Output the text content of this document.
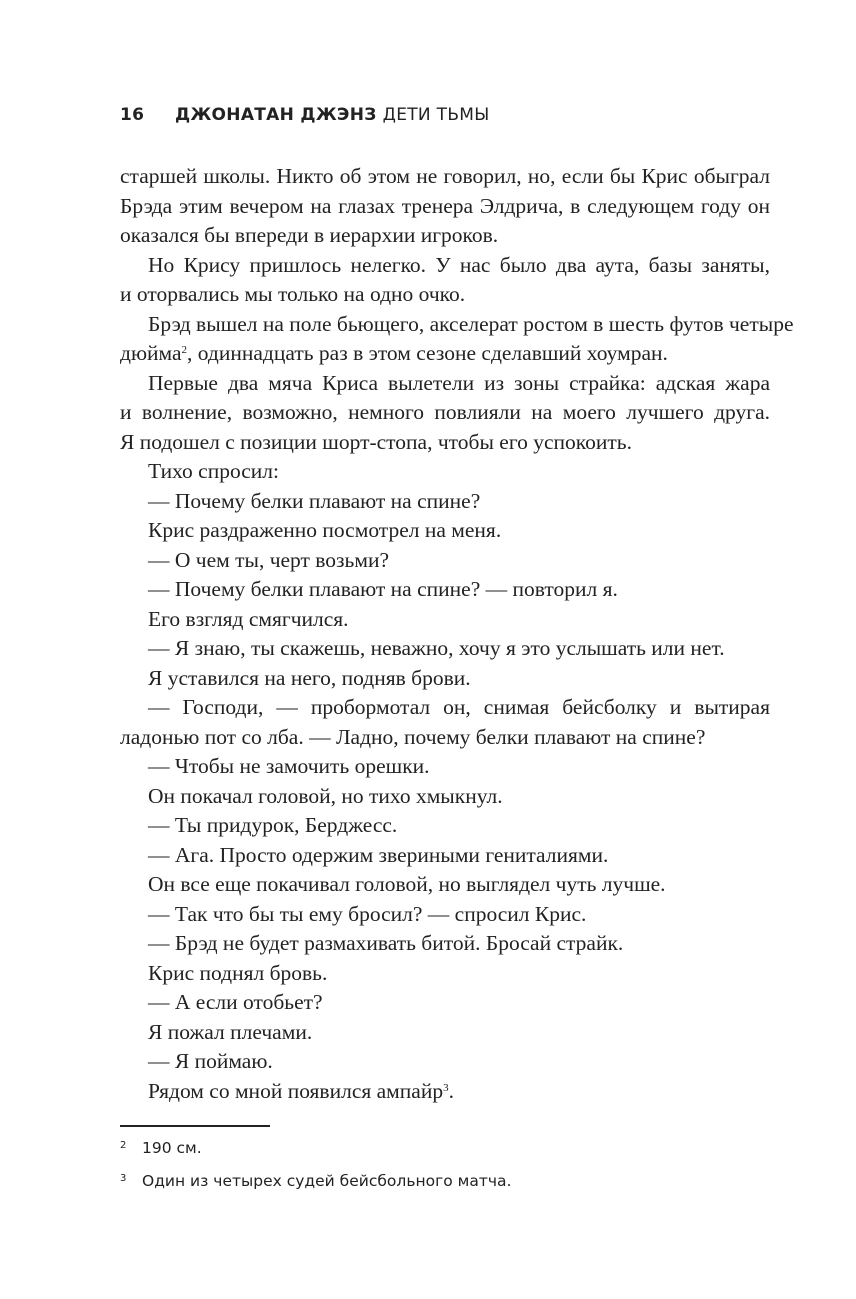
16 ДЖОНАТАН ДЖЭНЗ ДЕТИ ТЬМЫ
старшей школы. Никто об этом не говорил, но, если бы Крис обыграл
Брэда этим вечером на глазах тренера Элдрича, в следующем году он
оказался бы впереди в иерархии игроков.
Но Крису пришлось нелегко. У нас было два аута, базы заняты,
и оторвались мы только на одно очко.
Брэд вышел на поле бьющего, акселерат ростом в шесть футов четыре
дюйма$^2$, одиннадцать раз в этом сезоне сделавший хоумран.
Первые два мяча Криса вылетели из зоны страйка: адская жара
и волнение, возможно, немного повлияли на моего лучшего друга.
Я подошел с позиции шорт-стопа, чтобы его успокоить.
Тихо спросил:
— Почему белки плавают на спине?
Крис раздраженно посмотрел на меня.
— О чем ты, черт возьми?
— Почему белки плавают на спине? — повторил я.
Его взгляд смягчился.
— Я знаю, ты скажешь, неважно, хочу я это услышать или нет.
Я уставился на него, подняв брови.
— Господи, — пробормотал он, снимая бейсболку и вытирая
ладонью пот со лба. — Ладно, почему белки плавают на спине?
— Чтобы не замочить орешки.
Он покачал головой, но тихо хмыкнул.
— Ты придурок, Берджесс.
— Ага. Просто одержим звериными гениталиями.
Он все еще покачивал головой, но выглядел чуть лучше.
— Так что бы ты ему бросил? — спросил Крис.
— Брэд не будет размахивать битой. Бросай страйк.
Крис поднял бровь.
— А если отобьет?
Я пожал плечами.
— Я поймаю.
Рядом со мной появился ампайр$^3$.
2 190 см.
3 Один из четырех судей бейсбольного матча.
